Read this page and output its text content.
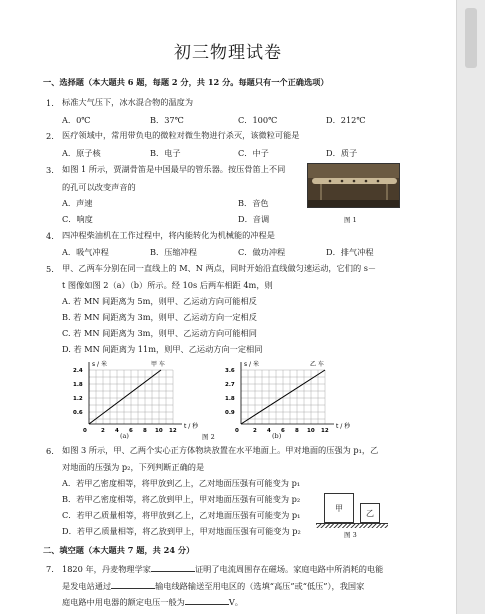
初三物理试卷
一、选择题（本大题共 6 题，每题 2 分，共 12 分。每题只有一个正确选项）
1. 标准大气压下，冰水混合物的温度为
A．0℃	B．37℃	C．100℃	D．212℃
2. 医疗领域中，常用带负电的微粒对微生物进行杀灭，该微粒可能是
A．原子核	B．电子	C．中子	D．质子
3. 如图 1 所示，贾湖骨笛是中国最早的管乐器。按压骨笛上不同
的孔可以改变声音的
A．声速	B．音色
C．响度	D．音调	图 1
4. 四冲程柴油机在工作过程中，将内能转化为机械能的冲程是
A．吸气冲程	B．压缩冲程	C．做功冲程	D．排气冲程
5. 甲、乙两车分别在同一直线上的 M、N 两点，同时开始沿直线做匀速运动，它们的 s－
t 图像如图 2（a）（b）所示。经 10s 后两车相距 4m，则
A. 若 MN 间距离为 5m，则甲、乙运动方向可能相反
B. 若 MN 间距离为 3m，则甲、乙运动方向一定相反
C. 若 MN 间距离为 3m，则甲、乙运动方向可能相同
D. 若 MN 间距离为 11m，则甲、乙运动方向一定相同
s / 米	甲 车
t / 秒
2.4
1.8
1.2
0.6
0	2 4 6 8 10 12
(a)	图 2
s / 米	乙 车
t / 秒
3.6
2.7
1.8
0.9
0	2 4 6 8 10 12
(b)
6. 如图 3 所示，甲、乙两个实心正方体物块放置在水平地面上。甲对地面的压强为 p₁，乙
对地面的压强为 p₂，下列判断正确的是
A．若甲乙密度相等，将甲放到乙上，乙对地面压强有可能变为 p₁
B．若甲乙密度相等，将乙放到甲上，甲对地面压强有可能变为 p₂
C．若甲乙质量相等，将甲放到乙上，乙对地面压强有可能变为 p₁
D．若甲乙质量相等，将乙放到甲上，甲对地面压强有可能变为 p₂
甲
乙
图 3
二、填空题（本大题共 7 题，共 24 分）
7. 1820 年，丹麦物理学家	证明了电流周围存在磁场。家庭电路中所消耗的电能
是发电站通过	输电线路输送至用电区的（选填“高压”或“低压”），我国家
庭电路中用电器的额定电压一般为	V。
